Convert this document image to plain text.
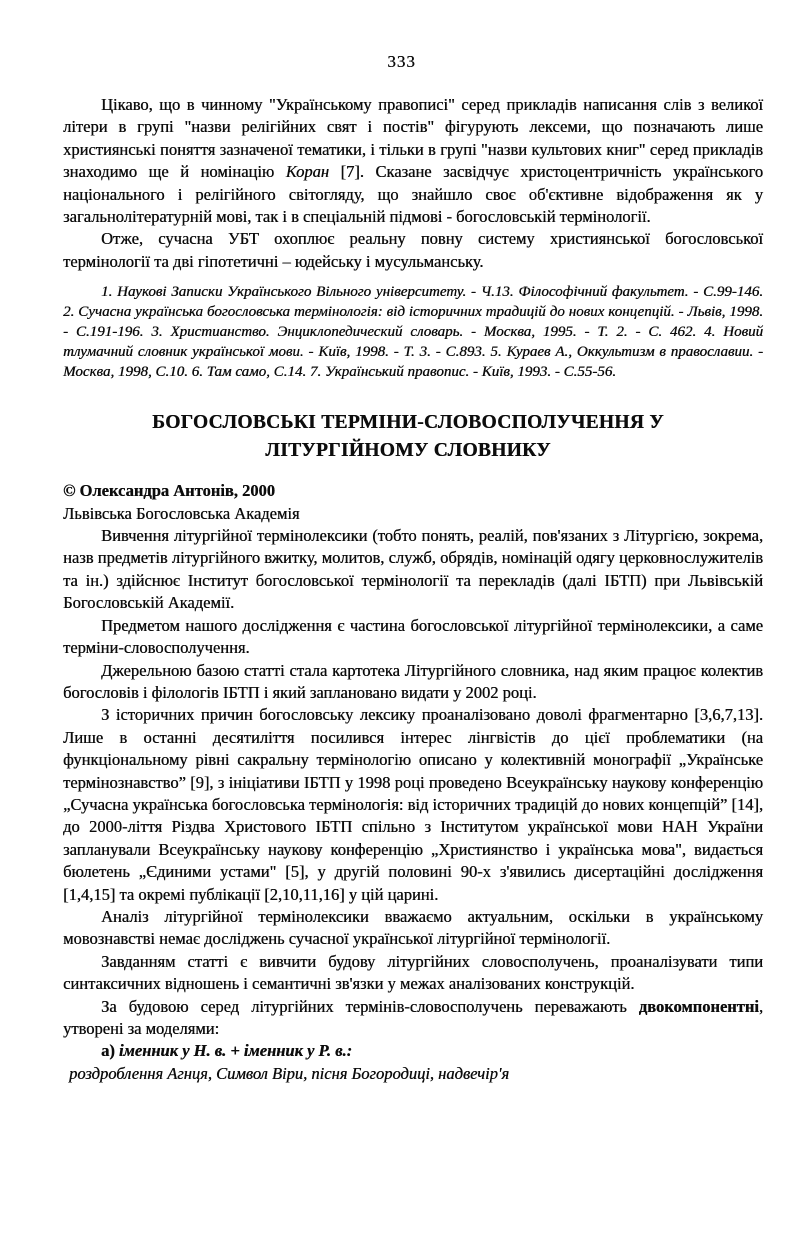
333

Цікаво, що в чинному "Українському правописі" серед прикладів написання слів з великої літери в групі "назви релігійних свят і постів" фігурують лексеми, що позначають лише християнські поняття зазначеної тематики, і тільки в групі "назви культових книг" серед прикладів знаходимо ще й номінацію Коран [7]. Сказане засвідчує христоцентричність українського національного і релігійного світогляду, що знайшло своє об'єктивне відображення як у загальнолітературній мові, так і в спеціальній підмові - богословській термінології.

Отже, сучасна УБТ охоплює реальну повну систему християнської богословської термінології та дві гіпотетичні – юдейську і мусульманську.

1. Наукові Записки Українського Вільного університету. - Ч.13. Філософічний факультет. - С.99-146. 2. Сучасна українська богословська термінологія: від історичних традицій до нових концепцій. - Львів, 1998. - С.191-196. 3. Христианство. Энциклопедический словарь. - Москва, 1995. - Т. 2. - С. 462. 4. Новий тлумачний словник української мови. - Київ, 1998. - Т. 3. - С.893. 5. Кураев А., Оккультизм в православии. - Москва, 1998, С.10. 6. Там само, С.14. 7. Український правопис. - Київ, 1993. - С.55-56.

БОГОСЛОВСЬКІ ТЕРМІНИ-СЛОВОСПОЛУЧЕННЯ У
ЛІТУРГІЙНОМУ СЛОВНИКУ

© Олександра Антонів, 2000

Львівська Богословська Академія

Вивчення літургійної термінолексики (тобто понять, реалій, пов'язаних з Літургією, зокрема, назв предметів літургійного вжитку, молитов, служб, обрядів, номінацій одягу церковнослужителів та ін.) здійснює Інститут богословської термінології та перекладів (далі ІБТП) при Львівській Богословській Академії.

Предметом нашого дослідження є частина богословської літургійної термінолексики, а саме терміни-словосполучення.

Джерельною базою статті стала картотека Літургійного словника, над яким працює колектив богословів і філологів ІБТП і який заплановано видати у 2002 році.

З історичних причин богословську лексику проаналізовано доволі фрагментарно [3,6,7,13]. Лише в останні десятиліття посилився інтерес лінгвістів до цієї проблематики (на функціональному рівні сакральну термінологію описано у колективній монографії „Українське термінознавство” [9], з ініціативи ІБТП у 1998 році проведено Всеукраїнську наукову конференцію „Сучасна українська богословська термінологія: від історичних традицій до нових концепцій” [14], до 2000-ліття Різдва Христового ІБТП спільно з Інститутом української мови НАН України запланували Всеукраїнську наукову конференцію „Християнство і українська мова", видається бюлетень „Єдиними устами" [5], у другій половині 90-х з'явились дисертаційні дослідження [1,4,15] та окремі публікації [2,10,11,16] у цій царині.

Аналіз літургійної термінолексики вважаємо актуальним, оскільки в українському мовознавстві немає досліджень сучасної української літургійної термінології.

Завданням статті є вивчити будову літургійних словосполучень, проаналізувати типи синтаксичних відношень і семантичні зв'язки у межах аналізованих конструкцій.

За будовою серед літургійних термінів-словосполучень переважають двокомпонентні, утворені за моделями:

а) іменник у Н. в. + іменник у Р. в.:

роздроблення Агнця, Символ Віри, пісня Богородиці, надвечір'я
